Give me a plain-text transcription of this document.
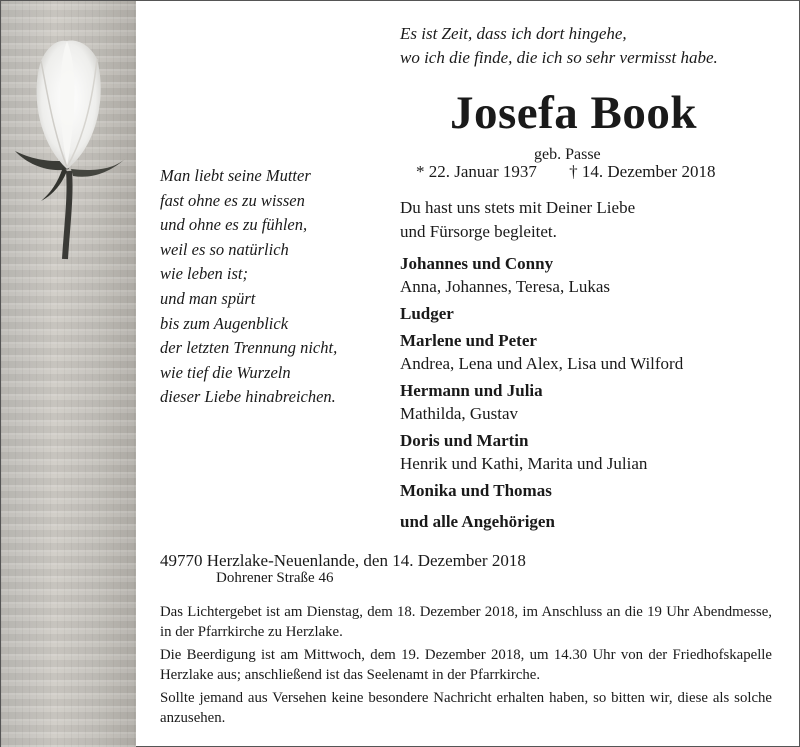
Es ist Zeit, dass ich dort hingehe,
wo ich die finde, die ich so sehr vermisst habe.
Josefa Book
geb. Passe
* 22. Januar 1937 † 14. Dezember 2018
Man liebt seine Mutter
fast ohne es zu wissen
und ohne es zu fühlen,
weil es so natürlich
wie leben ist;
und man spürt
bis zum Augenblick
der letzten Trennung nicht,
wie tief die Wurzeln
dieser Liebe hinabreichen.
Du hast uns stets mit Deiner Liebe
und Fürsorge begleitet.
Johannes und Conny
Anna, Johannes, Teresa, Lukas
Ludger
Marlene und Peter
Andrea, Lena und Alex, Lisa und Wilford
Hermann und Julia
Mathilda, Gustav
Doris und Martin
Henrik und Kathi, Marita und Julian
Monika und Thomas
und alle Angehörigen
49770 Herzlake-Neuenlande, den 14. Dezember 2018
Dohrener Straße 46

Das Lichtergebet ist am Dienstag, dem 18. Dezember 2018, im Anschluss an die 19 Uhr Abendmesse, in der Pfarrkirche zu Herzlake.

Die Beerdigung ist am Mittwoch, dem 19. Dezember 2018, um 14.30 Uhr von der Friedhofskapelle Herzlake aus; anschließend ist das Seelenamt in der Pfarrkirche.

Sollte jemand aus Versehen keine besondere Nachricht erhalten haben, so bitten wir, diese als solche anzusehen.
